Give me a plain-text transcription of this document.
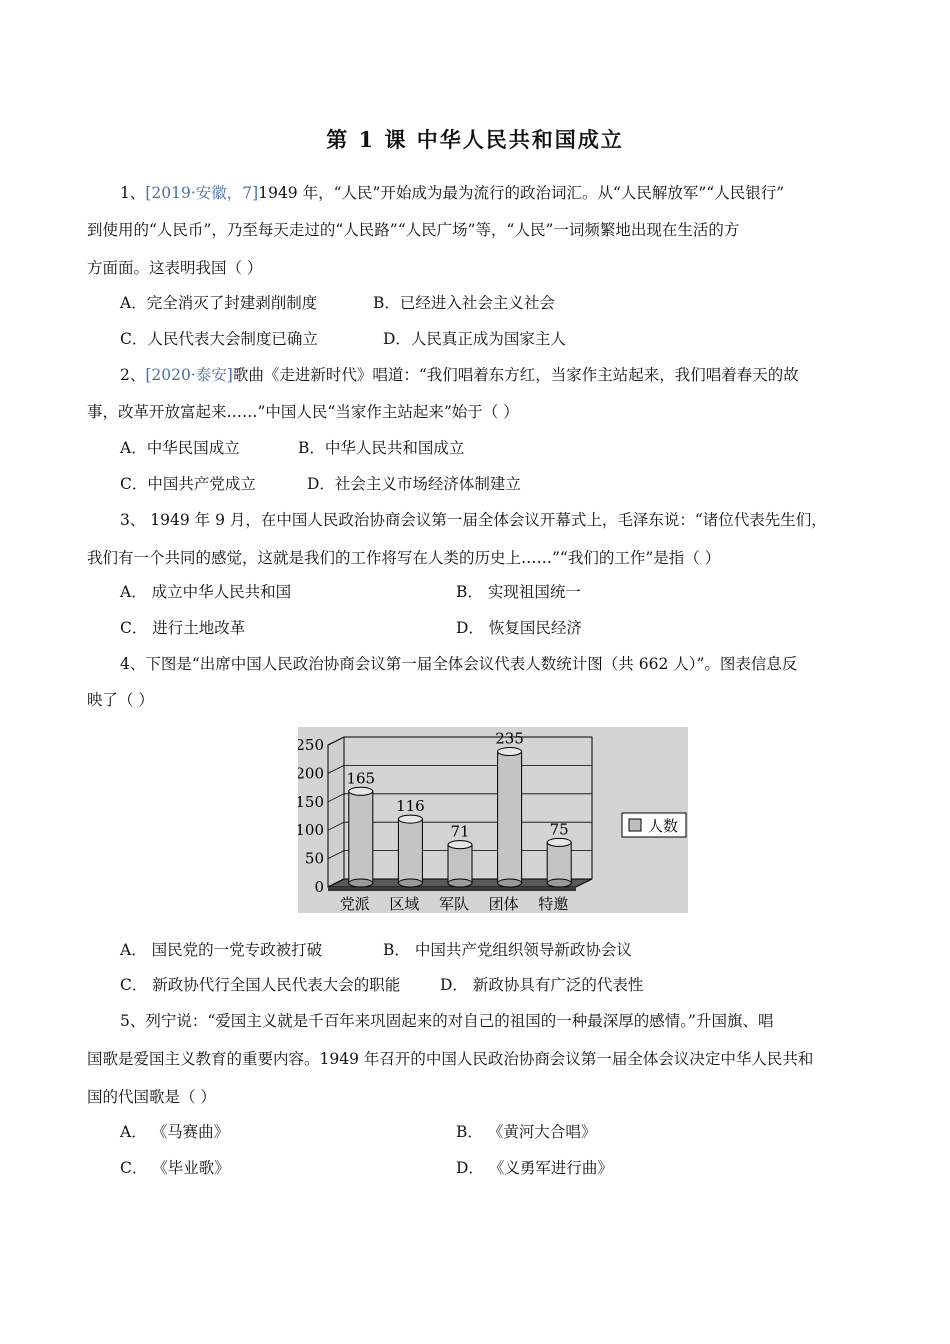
第 1 课 中华人民共和国成立
1、[2019·安徽，7]1949 年，“人民”开始成为最为流行的政治词汇。从“人民解放军”“人民银行”
到使用的“人民币”，乃至每天走过的“人民路”“人民广场”等，“人民”一词频繁地出现在生活的方
方面面。这表明我国（ ）
A．完全消灭了封建剥削制度	B．已经进入社会主义社会
C．人民代表大会制度已确立	D．人民真正成为国家主人
2、[2020·泰安]歌曲《走进新时代》唱道：“我们唱着东方红，当家作主站起来，我们唱着春天的故
事，改革开放富起来……”中国人民“当家作主站起来”始于（ ）
A．中华民国成立	B．中华人民共和国成立
C．中国共产党成立	D．社会主义市场经济体制建立
3、 1949 年 9 月，在中国人民政治协商会议第一届全体会议开幕式上，毛泽东说：“诸位代表先生们，
我们有一个共同的感觉，这就是我们的工作将写在人类的历史上……”“我们的工作”是指（ ）
A． 成立中华人民共和国	B． 实现祖国统一
C． 进行土地改革	D． 恢复国民经济
4、下图是“出席中国人民政治协商会议第一届全体会议代表人数统计图（共 662 人）”。图表信息反
映了（ ）
0
50
100
150
200
250
165
116
71
235
75
党派 区域 军队 团体 特邀
人数
A． 国民党的一党专政被打破	B． 中国共产党组织领导新政协会议
C． 新政协代行全国人民代表大会的职能	D． 新政协具有广泛的代表性
5、列宁说：“爱国主义就是千百年来巩固起来的对自己的祖国的一种最深厚的感情。”升国旗、唱
国歌是爱国主义教育的重要内容。1949 年召开的中国人民政治协商会议第一届全体会议决定中华人民共和
国的代国歌是（ ）
A． 《马赛曲》	B． 《黄河大合唱》
C． 《毕业歌》	D． 《义勇军进行曲》
